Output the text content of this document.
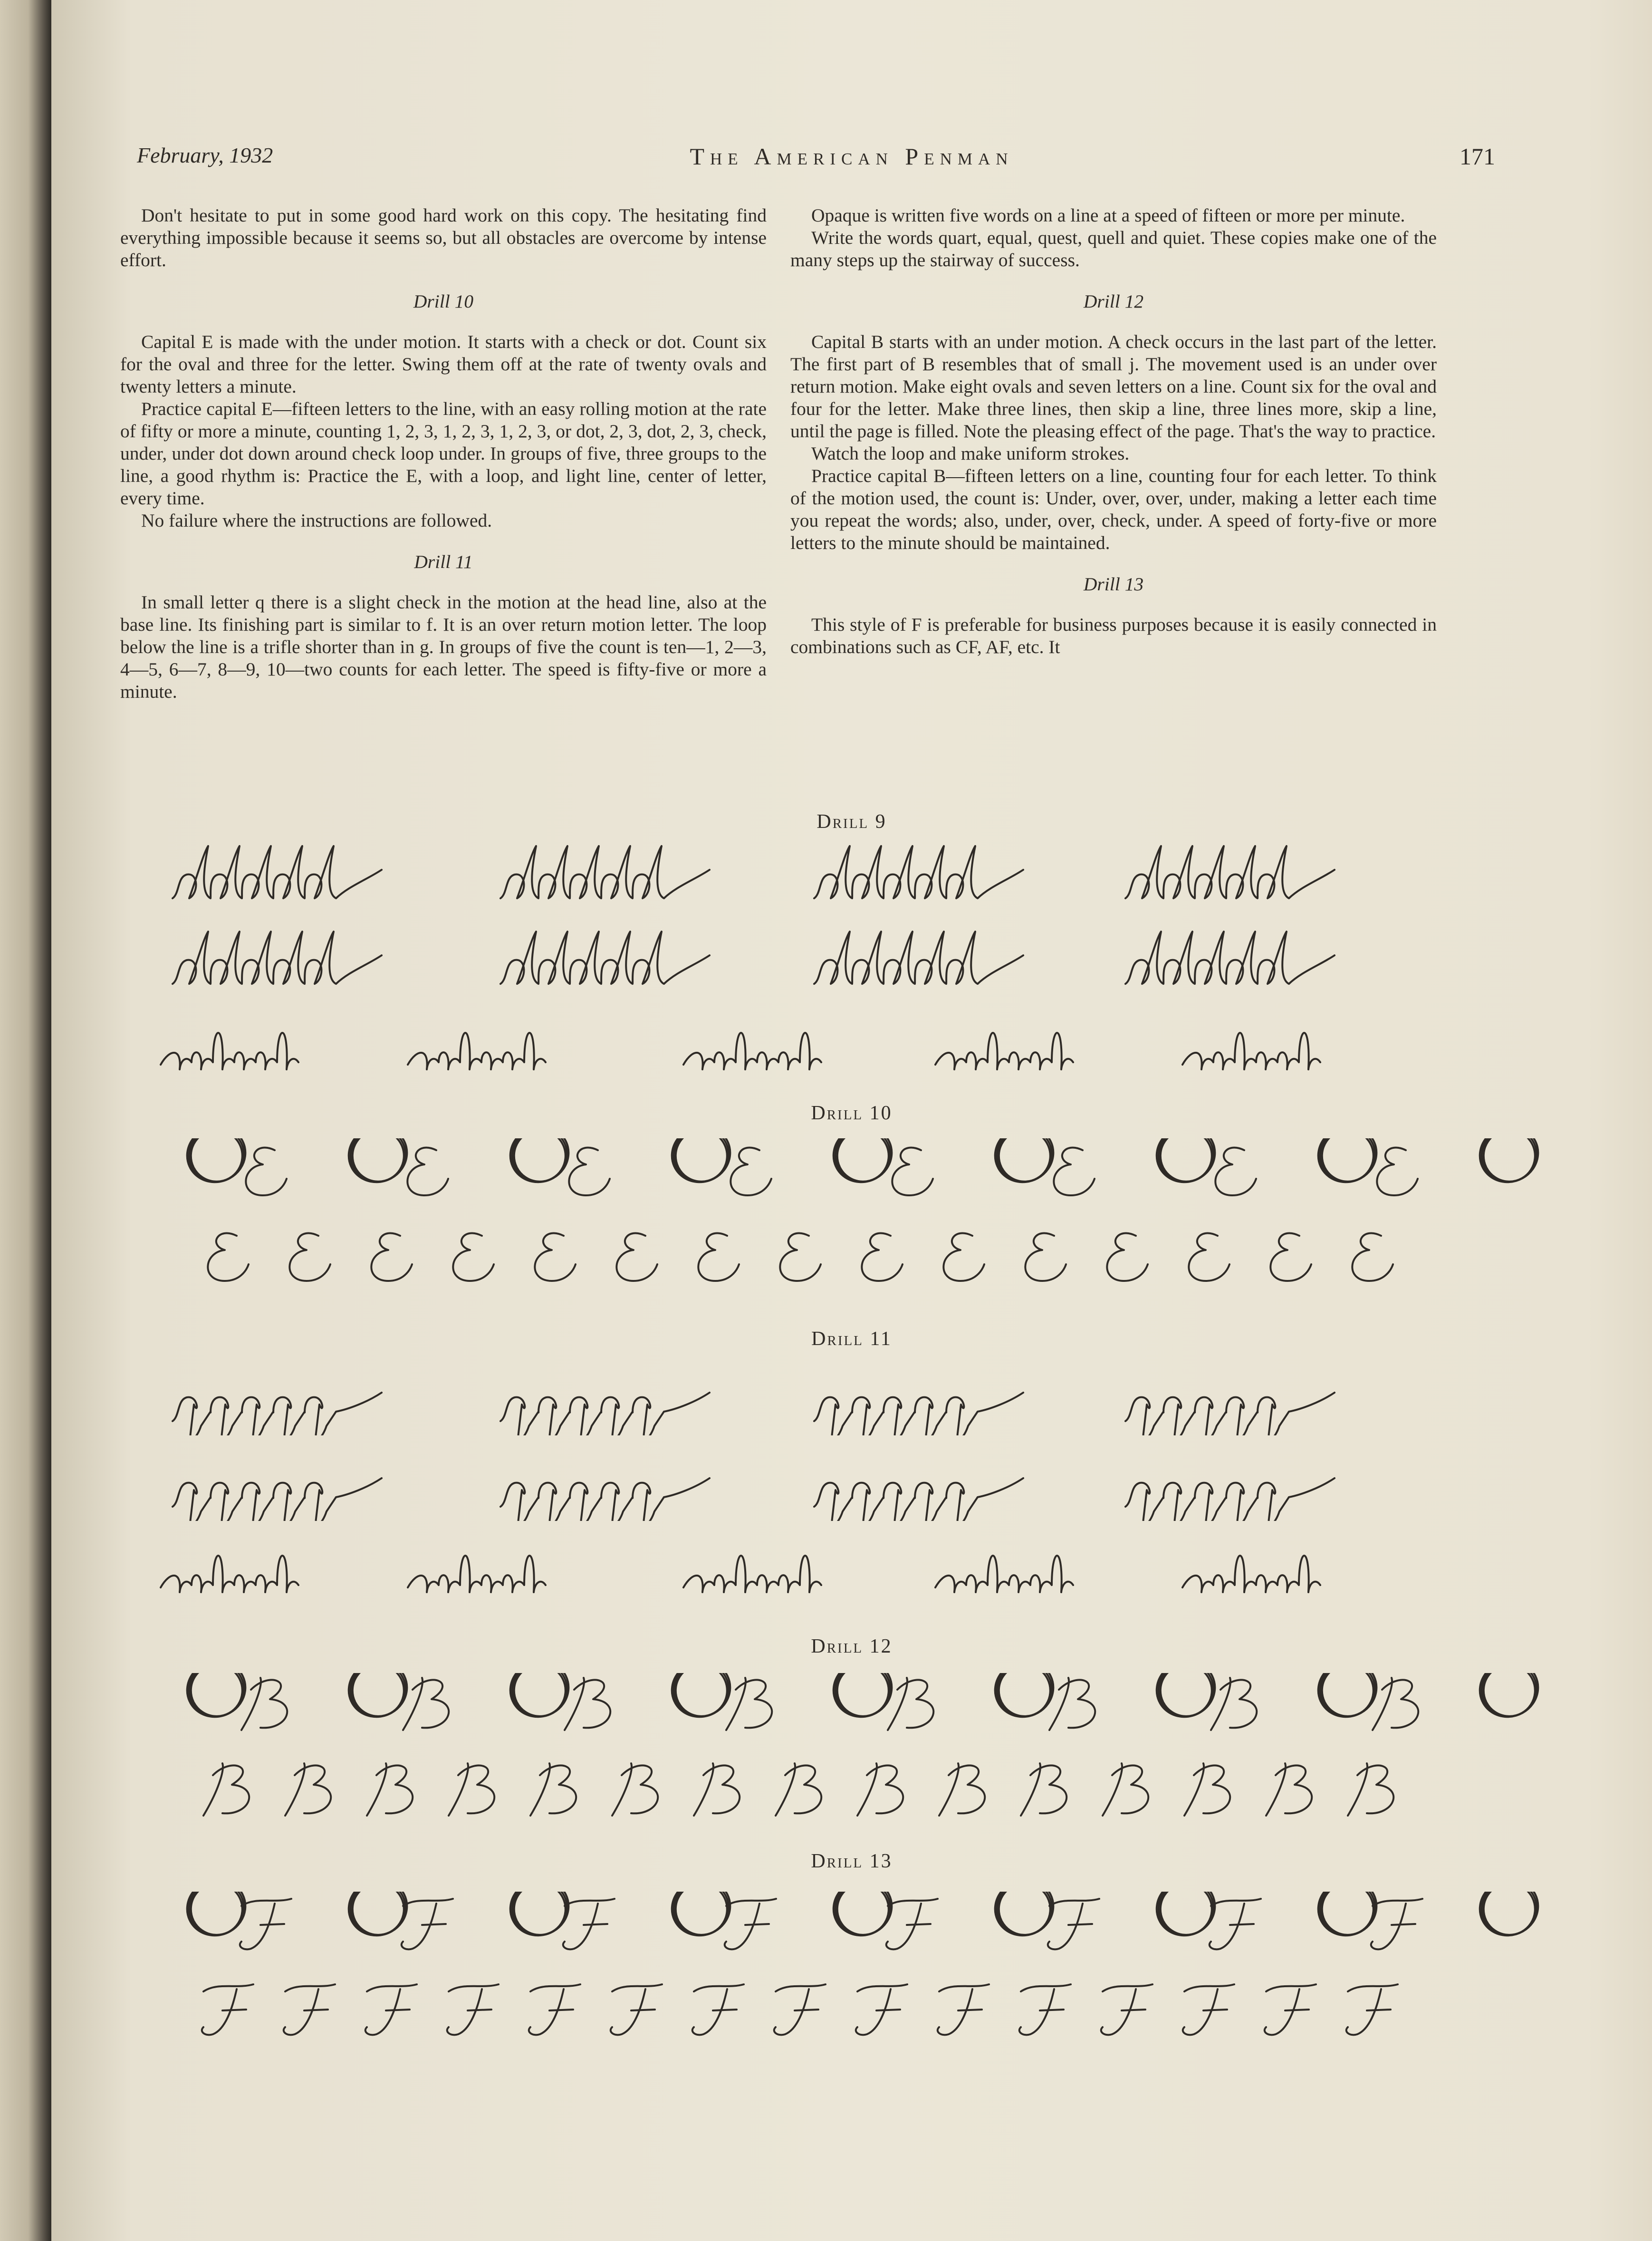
February, 1932	The American Penman	171

Don't hesitate to put in some good hard work on this copy. The hesitating find everything impossible because it seems so, but all obstacles are overcome by intense effort.

Drill 10

Capital E is made with the under motion. It starts with a check or dot. Count six for the oval and three for the letter. Swing them off at the rate of twenty ovals and twenty letters a minute.

Practice capital E—fifteen letters to the line, with an easy rolling motion at the rate of fifty or more a minute, counting 1, 2, 3, 1, 2, 3, 1, 2, 3, or dot, 2, 3, dot, 2, 3, check, under, under dot down around check loop under. In groups of five, three groups to the line, a good rhythm is: Practice the E, with a loop, and light line, center of letter, every time.

No failure where the instructions are followed.

Drill 11

In small letter q there is a slight check in the motion at the head line, also at the base line. Its finishing part is similar to f. It is an over return motion letter. The loop below the line is a trifle shorter than in g. In groups of five the count is ten—1, 2—3, 4—5, 6—7, 8—9, 10—two counts for each letter. The speed is fifty-five or more a minute.

Opaque is written five words on a line at a speed of fifteen or more per minute.

Write the words quart, equal, quest, quell and quiet. These copies make one of the many steps up the stairway of success.

Drill 12

Capital B starts with an under motion. A check occurs in the last part of the letter. The first part of B resembles that of small j. The movement used is an under over return motion. Make eight ovals and seven letters on a line. Count six for the oval and four for the letter. Make three lines, then skip a line, three lines more, skip a line, until the page is filled. Note the pleasing effect of the page. That's the way to practice.

Watch the loop and make uniform strokes.

Practice capital B—fifteen letters on a line, counting four for each letter. To think of the motion used, the count is: Under, over, over, under, making a letter each time you repeat the words; also, under, over, check, under. A speed of forty-five or more letters to the minute should be maintained.

Drill 13

This style of F is preferable for business purposes because it is easily connected in combinations such as CF, AF, etc. It

Drill 9
Drill 10
Drill 11
Drill 12
Drill 13
